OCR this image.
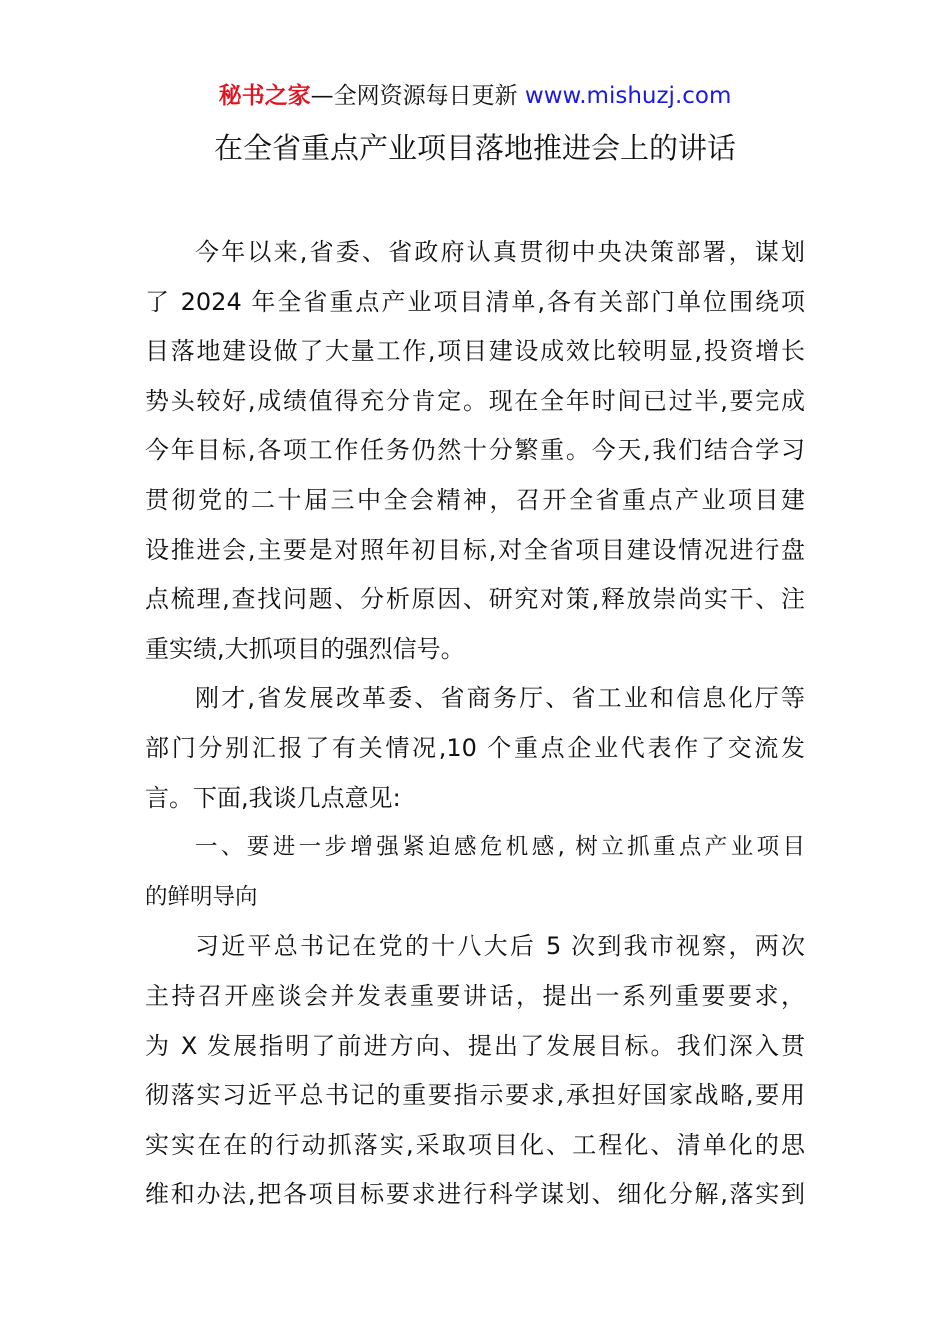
秘书之家—全网资源每日更新 www.mishuzj.com
在全省重点产业项目落地推进会上的讲话
今年以来,省委、省政府认真贯彻中央决策部署，谋划
了 2024 年全省重点产业项目清单,各有关部门单位围绕项
目落地建设做了大量工作,项目建设成效比较明显,投资增长
势头较好,成绩值得充分肯定。现在全年时间已过半,要完成
今年目标,各项工作任务仍然十分繁重。今天,我们结合学习
贯彻党的二十届三中全会精神，召开全省重点产业项目建
设推进会,主要是对照年初目标,对全省项目建设情况进行盘
点梳理,查找问题、分析原因、研究对策,释放崇尚实干、注
重实绩,大抓项目的强烈信号。
刚才,省发展改革委、省商务厅、省工业和信息化厅等
部门分别汇报了有关情况,10 个重点企业代表作了交流发
言。下面,我谈几点意见:
一、要进一步增强紧迫感危机感, 树立抓重点产业项目
的鲜明导向
习近平总书记在党的十八大后 5 次到我市视察，两次
主持召开座谈会并发表重要讲话，提出一系列重要要求，
为 X 发展指明了前进方向、提出了发展目标。我们深入贯
彻落实习近平总书记的重要指示要求,承担好国家战略,要用
实实在在的行动抓落实,采取项目化、工程化、清单化的思
维和办法,把各项目标要求进行科学谋划、细化分解,落实到
